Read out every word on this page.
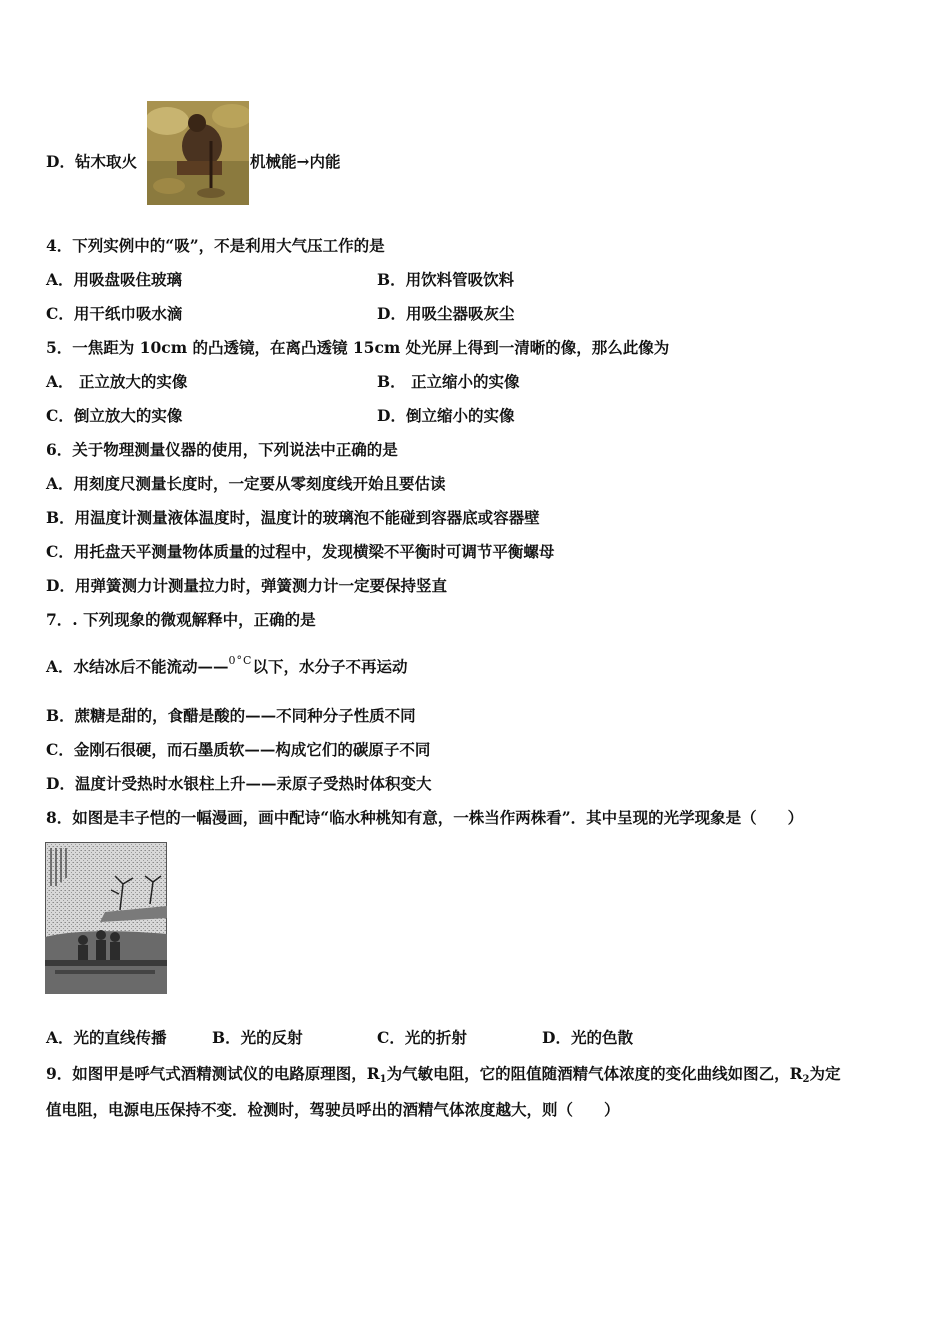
D．钻木取火	机械能→内能
4．下列实例中的“吸”，不是利用大气压工作的是
A．用吸盘吸住玻璃	B．用饮料管吸饮料
C．用干纸巾吸水滴	D．用吸尘器吸灰尘
5．一焦距为 10cm 的凸透镜，在离凸透镜 15cm 处光屏上得到一清晰的像，那么此像为
A． 正立放大的实像	B． 正立缩小的实像
C．倒立放大的实像	D．倒立缩小的实像
6．关于物理测量仪器的使用，下列说法中正确的是
A．用刻度尺测量长度时，一定要从零刻度线开始且要估读
B．用温度计测量液体温度时，温度计的玻璃泡不能碰到容器底或容器壁
C．用托盘天平测量物体质量的过程中，发现横梁不平衡时可调节平衡螺母
D．用弹簧测力计测量拉力时，弹簧测力计一定要保持竖直
7．. 下列现象的微观解释中，正确的是
A．水结冰后不能流动——0°C以下，水分子不再运动
B．蔗糖是甜的，食醋是酸的——不同种分子性质不同
C．金刚石很硬，而石墨质软——构成它们的碳原子不同
D．温度计受热时水银柱上升——汞原子受热时体积变大
8．如图是丰子恺的一幅漫画，画中配诗“临水种桃知有意，一株当作两株看”．其中呈现的光学现象是（　　）
A．光的直线传播	B．光的反射	C．光的折射	D．光的色散
9．如图甲是呼气式酒精测试仪的电路原理图，$R_1$为气敏电阻，它的阻值随酒精气体浓度的变化曲线如图乙，$R_2$为定
值电阻，电源电压保持不变．检测时，驾驶员呼出的酒精气体浓度越大，则（　　）
